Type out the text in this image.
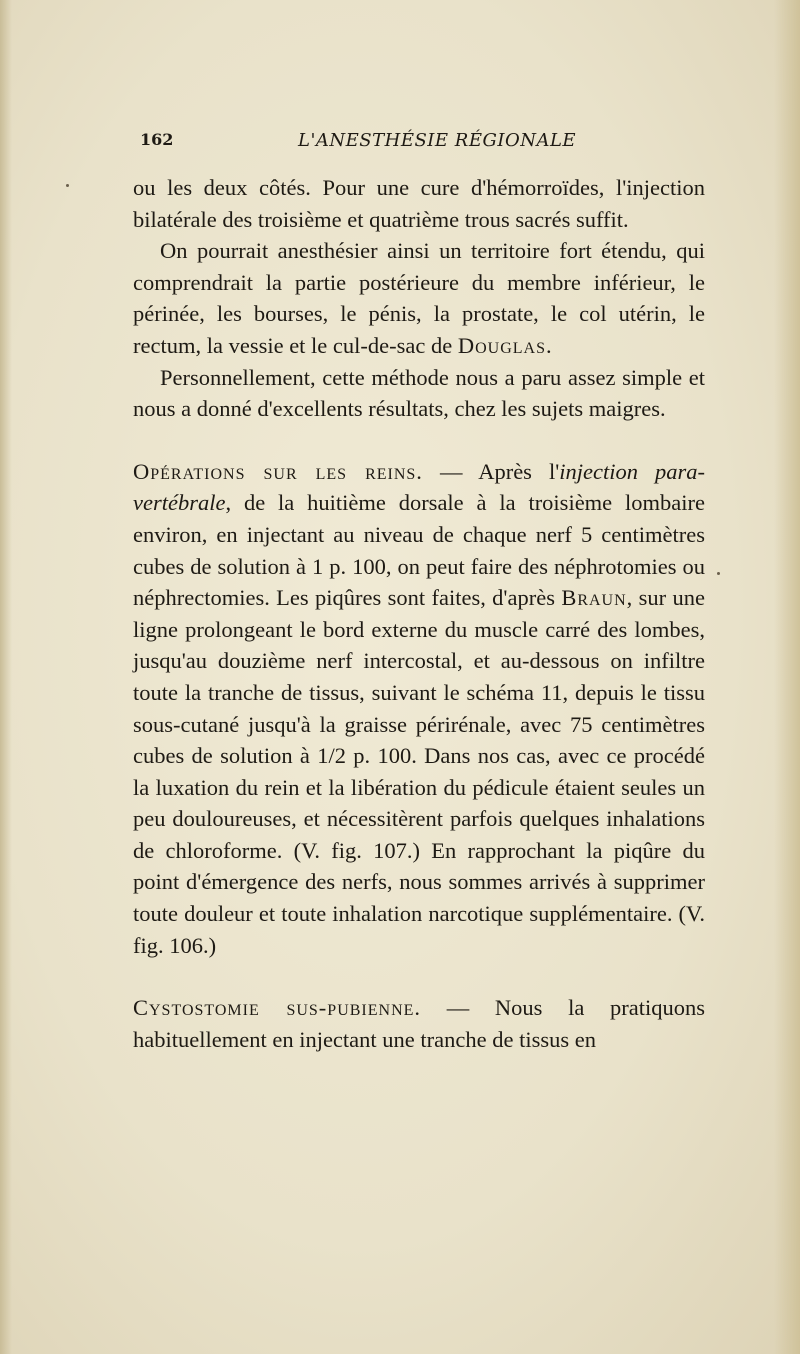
162	L'ANESTHÉSIE RÉGIONALE

ou les deux côtés. Pour une cure d'hémorroïdes, l'injection bilatérale des troisième et quatrième trous sacrés suffit.

On pourrait anesthésier ainsi un territoire fort étendu, qui comprendrait la partie postérieure du membre inférieur, le périnée, les bourses, le pénis, la prostate, le col utérin, le rectum, la vessie et le cul-de-sac de Douglas.

Personnellement, cette méthode nous a paru assez simple et nous a donné d'excellents résultats, chez les sujets maigres.

Opérations sur les reins. — Après l'injection para-vertébrale, de la huitième dorsale à la troisième lombaire environ, en injectant au niveau de chaque nerf 5 centimètres cubes de solution à 1 p. 100, on peut faire des néphrotomies ou néphrectomies. Les piqûres sont faites, d'après Braun, sur une ligne prolongeant le bord externe du muscle carré des lombes, jusqu'au douzième nerf intercostal, et au-dessous on infiltre toute la tranche de tissus, suivant le schéma 11, depuis le tissu sous-cutané jusqu'à la graisse périrénale, avec 75 centimètres cubes de solution à 1/2 p. 100. Dans nos cas, avec ce procédé la luxation du rein et la libération du pédicule étaient seules un peu douloureuses, et nécessitèrent parfois quelques inhalations de chloroforme. (V. fig. 107.) En rapprochant la piqûre du point d'émergence des nerfs, nous sommes arrivés à supprimer toute douleur et toute inhalation narcotique supplémentaire. (V. fig. 106.)

Cystostomie sus-pubienne. — Nous la pratiquons habituellement en injectant une tranche de tissus en
